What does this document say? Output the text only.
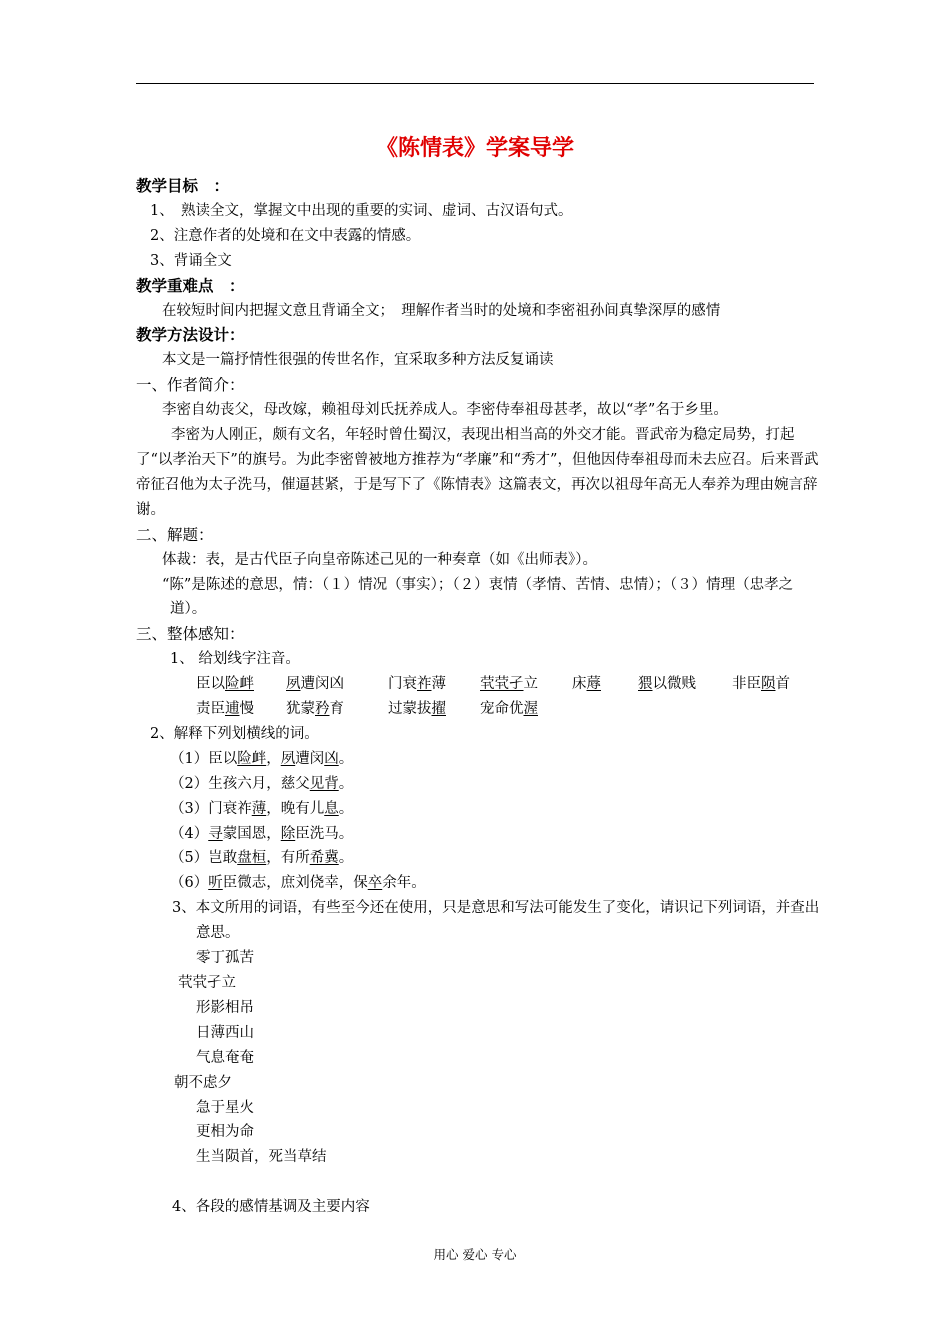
《陈情表》学案导学
教学目标　：
1、　熟读全文，掌握文中出现的重要的实词、虚词、古汉语句式。
2、注意作者的处境和在文中表露的情感。
3、背诵全文
教学重难点　：
在较短时间内把握文意且背诵全文；　理解作者当时的处境和李密祖孙间真挚深厚的感情
教学方法设计：
本文是一篇抒情性很强的传世名作，宜采取多种方法反复诵读
一、作者简介：
李密自幼丧父，母改嫁，赖祖母刘氏抚养成人。李密侍奉祖母甚孝，故以“孝”名于乡里。
李密为人刚正，颇有文名，年轻时曾仕蜀汉，表现出相当高的外交才能。晋武帝为稳定局势，打起了“以孝治天下”的旗号。为此李密曾被地方推荐为“孝廉”和“秀才”，但他因侍奉祖母而未去应召。后来晋武帝征召他为太子洗马，催逼甚紧，于是写下了《陈情表》这篇表文，再次以祖母年高无人奉养为理由婉言辞谢。
二、解题：
体裁：表，是古代臣子向皇帝陈述己见的一种奏章（如《出师表》）。
“陈”是陈述的意思，情：（１）情况（事实）；（２）衷情（孝情、苦情、忠情）；（３）情理（忠孝之道）。
三、整体感知：
1、 给划线字注音。
臣以险衅 夙遭闵凶	门衰祚薄 茕茕孑立 床蓐	猥以微贱 非臣陨首
责臣逋慢 犹蒙矜育	过蒙拔擢 宠命优渥
2、解释下列划横线的词。
（1）臣以险衅，夙遭闵凶。
（2）生孩六月，慈父见背。
（3）门衰祚薄，晚有儿息。
（4）寻蒙国恩，除臣洗马。
（5）岂敢盘桓，有所希冀。
（6）听臣微志，庶刘侥幸，保卒余年。
3、本文所用的词语，有些至今还在使用，只是意思和写法可能发生了变化，请识记下列词语，并查出意思。
零丁孤苦
茕茕孑立
形影相吊
日薄西山
气息奄奄
朝不虑夕
急于星火
更相为命
生当陨首，死当草结
4、各段的感情基调及主要内容
用心 爱心 专心
